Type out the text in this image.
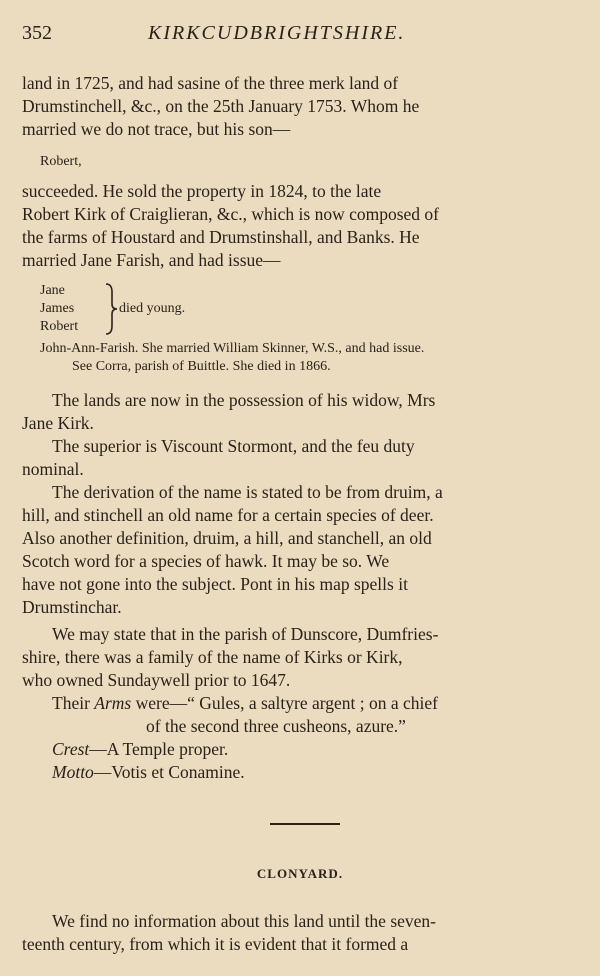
352	KIRKCUDBRIGHTSHIRE.

land in 1725, and had sasine of the three merk land of

Drumstinchell, &c., on the 25th January 1753. Whom he

married we do not trace, but his son—

Robert,

succeeded. He sold the property in 1824, to the late

Robert Kirk of Craiglieran, &c., which is now composed of

the farms of Houstard and Drumstinshall, and Banks. He

married Jane Farish, and had issue—

Jane
James
Robert
died young.

John-Ann-Farish. She married William Skinner, W.S., and had issue.

See Corra, parish of Buittle. She died in 1866.

The lands are now in the possession of his widow, Mrs

Jane Kirk.

The superior is Viscount Stormont, and the feu duty

nominal.

The derivation of the name is stated to be from druim, a

hill, and stinchell an old name for a certain species of deer.

Also another definition, druim, a hill, and stanchell, an old

Scotch word for a species of hawk. It may be so. We

have not gone into the subject. Pont in his map spells it

Drumstinchar.

We may state that in the parish of Dunscore, Dumfries-

shire, there was a family of the name of Kirks or Kirk,

who owned Sundaywell prior to 1647.

Their Arms were—“ Gules, a saltyre argent ; on a chief

of the second three cusheons, azure.”

Crest—A Temple proper.

Motto—Votis et Conamine.

CLONYARD.

We find no information about this land until the seven-

teenth century, from which it is evident that it formed a
